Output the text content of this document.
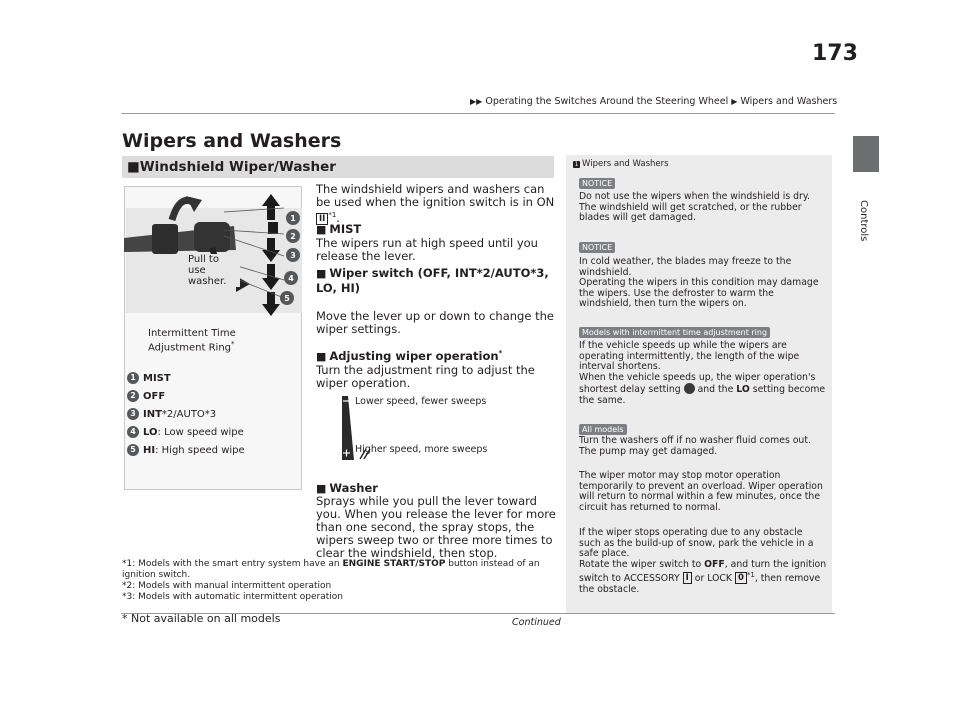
▶▶ Operating the Switches Around the Steering Wheel ▶ Wipers and Washers
173
Controls
Wipers and Washers
■Windshield Wiper/Washer
1
2
3
4
5
Pull to
use
washer.
Intermittent Time
Adjustment Ring*
1 MIST
2 OFF
3 INT *2/AUTO*3
4 LO : Low speed wipe
5 HI : High speed wipe
The windshield wipers and washers can be used when the ignition switch is in ON II $^{*1}$.
■ MIST
The wipers run at high speed until you release the lever.
■ Wiper switch (OFF, INT*2/AUTO*3, LO, HI)
Move the lever up or down to change the wiper settings.
■ Adjusting wiper operation*
Turn the adjustment ring to adjust the wiper operation.
Lower speed, fewer sweeps
Higher speed, more sweeps
■ Washer
Sprays while you pull the lever toward you. When you release the lever for more than one second, the spray stops, the wipers sweep two or three more times to clear the windshield, then stop.
*1: Models with the smart entry system have an ENGINE START/STOP button instead of an ignition switch.
*2: Models with manual intermittent operation
*3: Models with automatic intermittent operation
Continued
* Not available on all models
1 Wipers and Washers
NOTICE
Do not use the wipers when the windshield is dry. The windshield will get scratched, or the rubber blades will get damaged.
NOTICE
In cold weather, the blades may freeze to the windshield.
Operating the wipers in this condition may damage the wipers. Use the defroster to warm the windshield, then turn the wipers on.
Models with intermittent time adjustment ring
If the vehicle speeds up while the wipers are operating intermittently, the length of the wipe interval shortens.
When the vehicle speeds up, the wiper operation's shortest delay setting and the LO setting become the same.
All models
Turn the washers off if no washer fluid comes out. The pump may get damaged.
The wiper motor may stop motor operation temporarily to prevent an overload. Wiper operation will return to normal within a few minutes, once the circuit has returned to normal.
If the wiper stops operating due to any obstacle such as the build-up of snow, park the vehicle in a safe place.
Rotate the wiper switch to OFF, and turn the ignition switch to ACCESSORY I or LOCK 0 $^{*1}$, then remove the obstacle.
